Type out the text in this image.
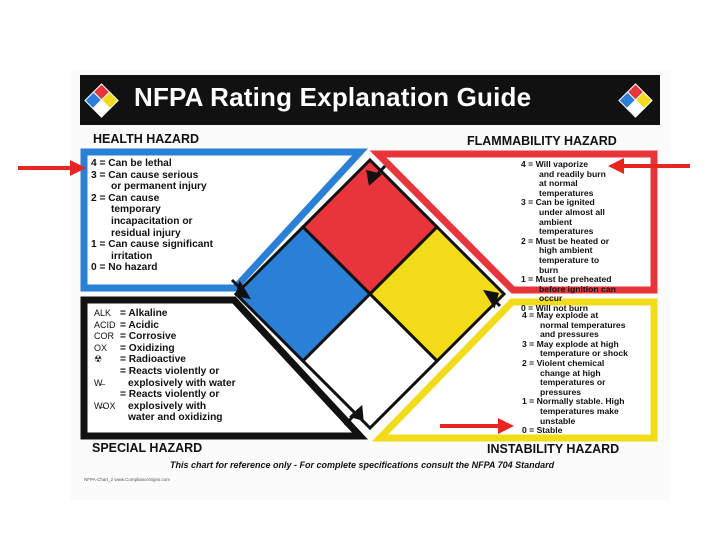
NFPA Rating Explanation Guide
HEALTH HAZARD	FLAMMABILITY HAZARD
SPECIAL HAZARD	INSTABILITY HAZARD
4 = Can be lethal
3 = Can cause serious
or permanent injury
2 = Can cause
temporary
incapacitation or
residual injury
1 = Can cause significant
irritation
0 = No hazard
4 = Will vaporize
and readily burn
at normal
temperatures
3 = Can be ignited
under almost all
ambient
temperatures
2 = Must be heated or
high ambient
temperature to
burn
1 = Must be preheated
before ignition can
occur
0 = Will not burn
ALK = Alkaline
ACID = Acidic
COR = Corrosive
OX = Oxidizing
☢ = Radioactive
= Reacts violently or
W̶	explosively with water
= Reacts violently or
W̶OX explosively with
water and oxidizing
4 = May explode at
normal temperatures
and pressures
3 = May explode at high
temperature or shock
2 = Violent chemical
change at high
temperatures or
pressures
1 = Normally stable. High
temperatures make
unstable
0 = Stable
This chart for reference only - For complete specifications consult the NFPA 704 Standard
NFPA-Chart_2 www.ComplianceSigns.com
